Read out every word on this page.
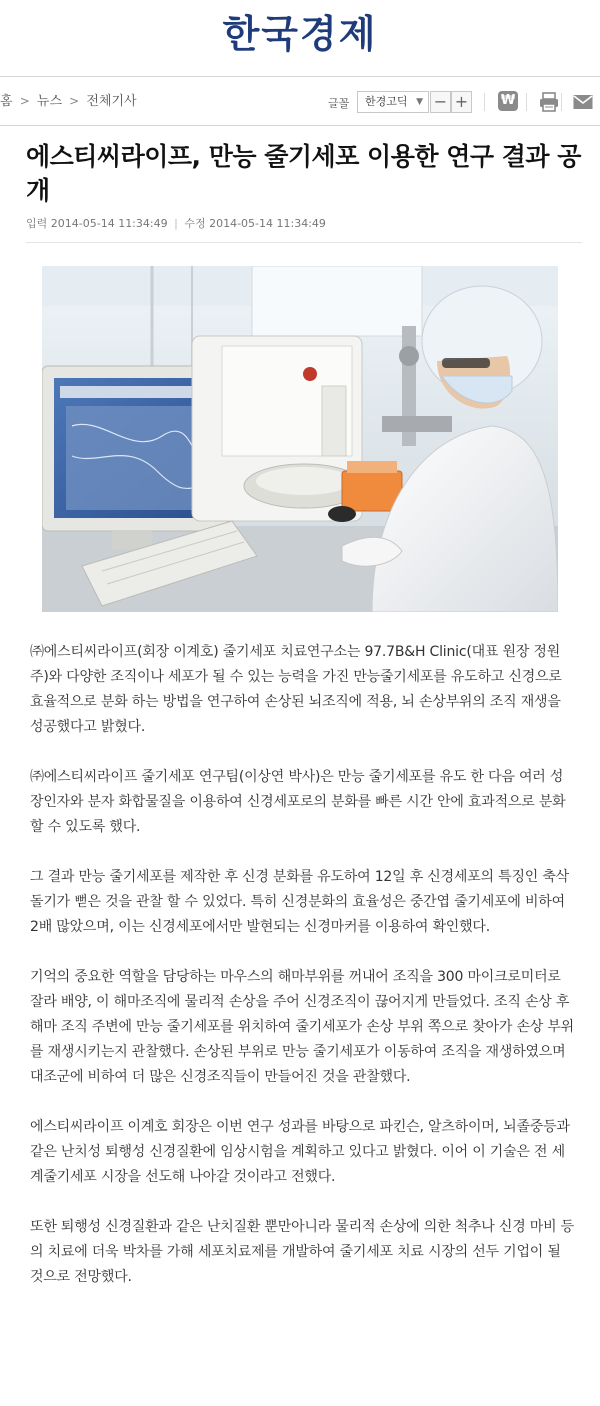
한국경제
홈 > 뉴스 > 전체기사	글꼴	한경고딕 ▼ − +	₩
에스티씨라이프, 만능 줄기세포 이용한 연구 결과 공개
입력 2014-05-14 11:34:49 | 수정 2014-05-14 11:34:49

㈜에스티씨라이프(회장 이계호) 줄기세포 치료연구소는 97.7B&H Clinic(대표 원장 정원주)와 다양한 조직이나 세포가 될 수 있는 능력을 가진 만능줄기세포를 유도하고 신경으로 효율적으로 분화 하는 방법을 연구하여 손상된 뇌조직에 적용, 뇌 손상부위의 조직 재생을 성공했다고 밝혔다.

㈜에스티씨라이프 줄기세포 연구팀(이상연 박사)은 만능 줄기세포를 유도 한 다음 여러 성장인자와 분자 화합물질을 이용하여 신경세포로의 분화를 빠른 시간 안에 효과적으로 분화할 수 있도록 했다.

그 결과 만능 줄기세포를 제작한 후 신경 분화를 유도하여 12일 후 신경세포의 특징인 축삭돌기가 뻗은 것을 관찰 할 수 있었다. 특히 신경분화의 효율성은 중간엽 줄기세포에 비하여 2배 많았으며, 이는 신경세포에서만 발현되는 신경마커를 이용하여 확인했다.

기억의 중요한 역할을 담당하는 마우스의 해마부위를 꺼내어 조직을 300 마이크로미터로 잘라 배양, 이 해마조직에 물리적 손상을 주어 신경조직이 끊어지게 만들었다. 조직 손상 후 해마 조직 주변에 만능 줄기세포를 위치하여 줄기세포가 손상 부위 쪽으로 찾아가 손상 부위를 재생시키는지 관찰했다. 손상된 부위로 만능 줄기세포가 이동하여 조직을 재생하였으며 대조군에 비하여 더 많은 신경조직들이 만들어진 것을 관찰했다.

에스티씨라이프 이계호 회장은 이번 연구 성과를 바탕으로 파킨슨, 알츠하이머, 뇌졸중등과 같은 난치성 퇴행성 신경질환에 임상시험을 계획하고 있다고 밝혔다. 이어 이 기술은 전 세계줄기세포 시장을 선도해 나아갈 것이라고 전했다.

또한 퇴행성 신경질환과 같은 난치질환 뿐만아니라 물리적 손상에 의한 척추나 신경 마비 등의 치료에 더욱 박차를 가해 세포치료제를 개발하여 줄기세포 치료 시장의 선두 기업이 될 것으로 전망했다.
